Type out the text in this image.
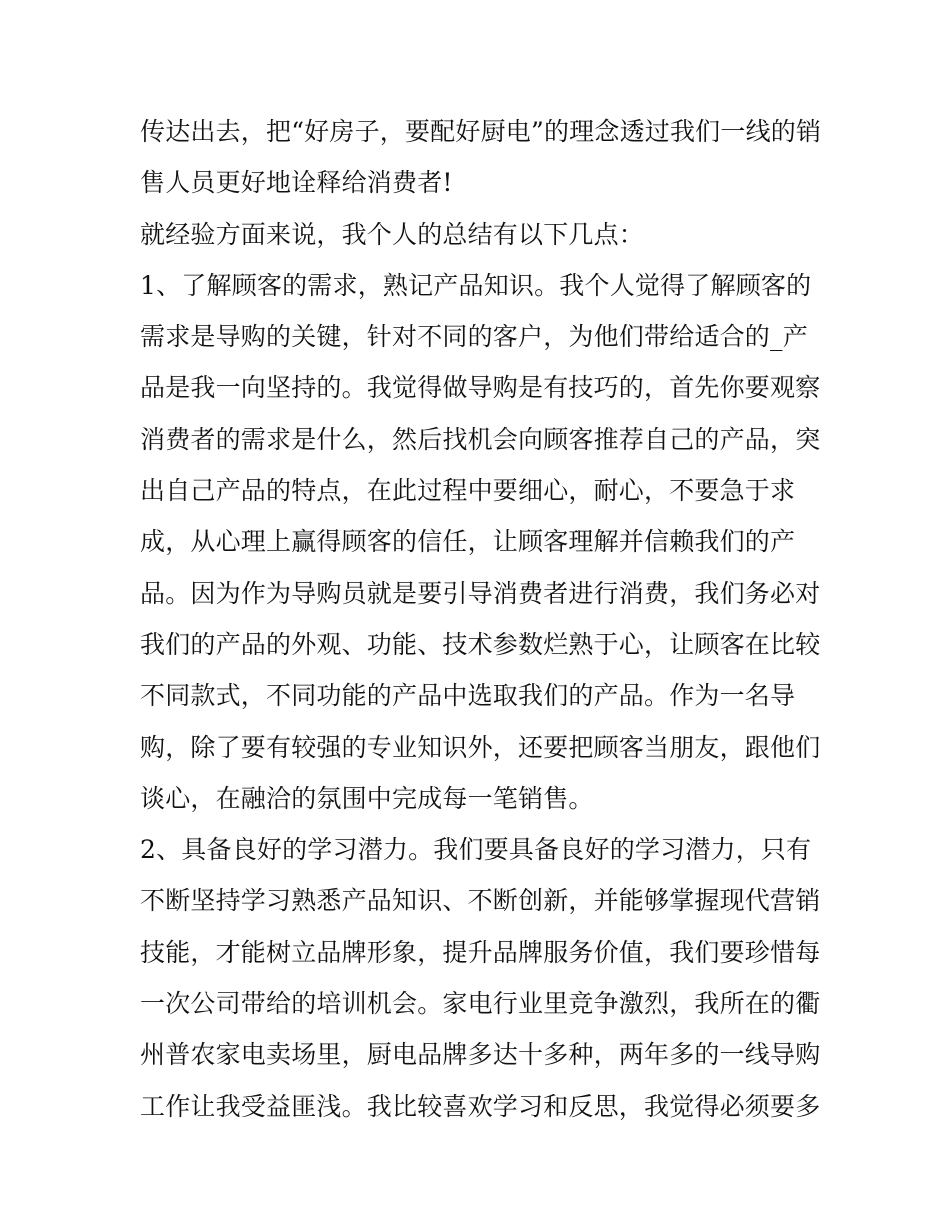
传达出去，把“好房子，要配好厨电”的理念透过我们一线的销
售人员更好地诠释给消费者!
就经验方面来说，我个人的总结有以下几点：
1、了解顾客的需求，熟记产品知识。我个人觉得了解顾客的
需求是导购的关键，针对不同的客户，为他们带给适合的_产
品是我一向坚持的。我觉得做导购是有技巧的，首先你要观察
消费者的需求是什么，然后找机会向顾客推荐自己的产品，突
出自己产品的特点，在此过程中要细心，耐心，不要急于求
成，从心理上赢得顾客的信任，让顾客理解并信赖我们的产
品。因为作为导购员就是要引导消费者进行消费，我们务必对
我们的产品的外观、功能、技术参数烂熟于心，让顾客在比较
不同款式，不同功能的产品中选取我们的产品。作为一名导
购，除了要有较强的专业知识外，还要把顾客当朋友，跟他们
谈心，在融洽的氛围中完成每一笔销售。
2、具备良好的学习潜力。我们要具备良好的学习潜力，只有
不断坚持学习熟悉产品知识、不断创新，并能够掌握现代营销
技能，才能树立品牌形象，提升品牌服务价值，我们要珍惜每
一次公司带给的培训机会。家电行业里竞争激烈，我所在的衢
州普农家电卖场里，厨电品牌多达十多种，两年多的一线导购
工作让我受益匪浅。我比较喜欢学习和反思，我觉得必须要多
